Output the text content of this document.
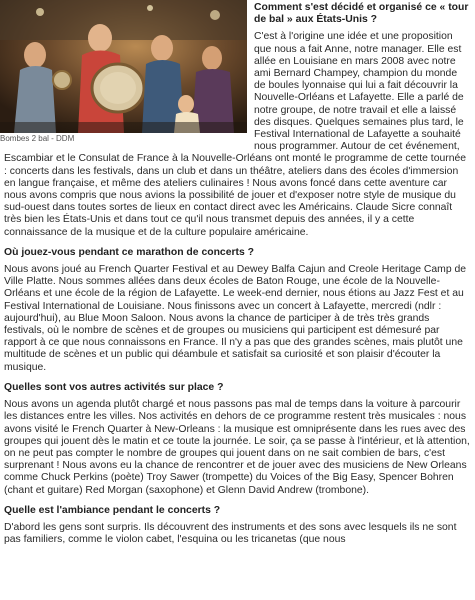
Bombes 2 bal - DDM
Comment s'est décidé et organisé ce « tour de bal » aux États-Unis ?
C'est à l'origine une idée et une proposition que nous a fait Anne, notre manager. Elle est allée en Louisiane en mars 2008 avec notre ami Bernard Champey, champion du monde de boules lyonnaise qui lui a fait découvrir la Nouvelle-Orléans et Lafayette. Elle a parlé de notre groupe, de notre travail et elle a laissé des disques. Quelques semaines plus tard, le Festival International de Lafayette a souhaité nous programmer. Autour de cet événement, Escambiar et le Consulat de France à la Nouvelle-Orléans ont monté le programme de cette tournée : concerts dans les festivals, dans un club et dans un théâtre, ateliers dans des écoles d'immersion en langue française, et même des ateliers culinaires ! Nous avons foncé dans cette aventure car nous avons compris que nous avions la possibilité de jouer et d'exposer notre style de musique du sud-ouest dans toutes sortes de lieux en contact direct avec les Américains. Claude Sicre connaît très bien les États-Unis et dans tout ce qu'il nous transmet depuis des années, il y a cette connaissance de la musique et de la culture populaire américaine.
Où jouez-vous pendant ce marathon de concerts ?
Nous avons joué au French Quarter Festival et au Dewey Balfa Cajun and Creole Heritage Camp de Ville Platte. Nous sommes allées dans deux écoles de Baton Rouge, une école de la Nouvelle-Orléans et une école de la région de Lafayette. Le week-end dernier, nous étions au Jazz Fest et au Festival International de Louisiane. Nous finissons avec un concert à Lafayette, mercredi (ndlr : aujourd'hui), au Blue Moon Saloon. Nous avons la chance de participer à de très très grands festivals, où le nombre de scènes et de groupes ou musiciens qui participent est démesuré par rapport à ce que nous connaissons en France. Il n'y a pas que des grandes scènes, mais plutôt une multitude de scènes et un public qui déambule et satisfait sa curiosité et son plaisir d'écouter la musique.
Quelles sont vos autres activités sur place ?
Nous avons un agenda plutôt chargé et nous passons pas mal de temps dans la voiture à parcourir les distances entre les villes. Nos activités en dehors de ce programme restent très musicales : nous avons visité le French Quarter à New-Orleans : la musique est omniprésente dans les rues avec des groupes qui jouent dès le matin et ce toute la journée. Le soir, ça se passe à l'intérieur, et là attention, on ne peut pas compter le nombre de groupes qui jouent dans on ne sait combien de bars, c'est surprenant ! Nous avons eu la chance de rencontrer et de jouer avec des musiciens de New Orleans comme Chuck Perkins (poète) Troy Sawer (trompette) du Voices of the Big Easy, Spencer Bohren (chant et guitare) Red Morgan (saxophone) et Glenn David Andrew (trombone).
Quelle est l'ambiance pendant le concerts ?
D'abord les gens sont surpris. Ils découvrent des instruments et des sons avec lesquels ils ne sont pas familiers, comme le violon cabet, l'esquina ou les tricanetas (que nous
